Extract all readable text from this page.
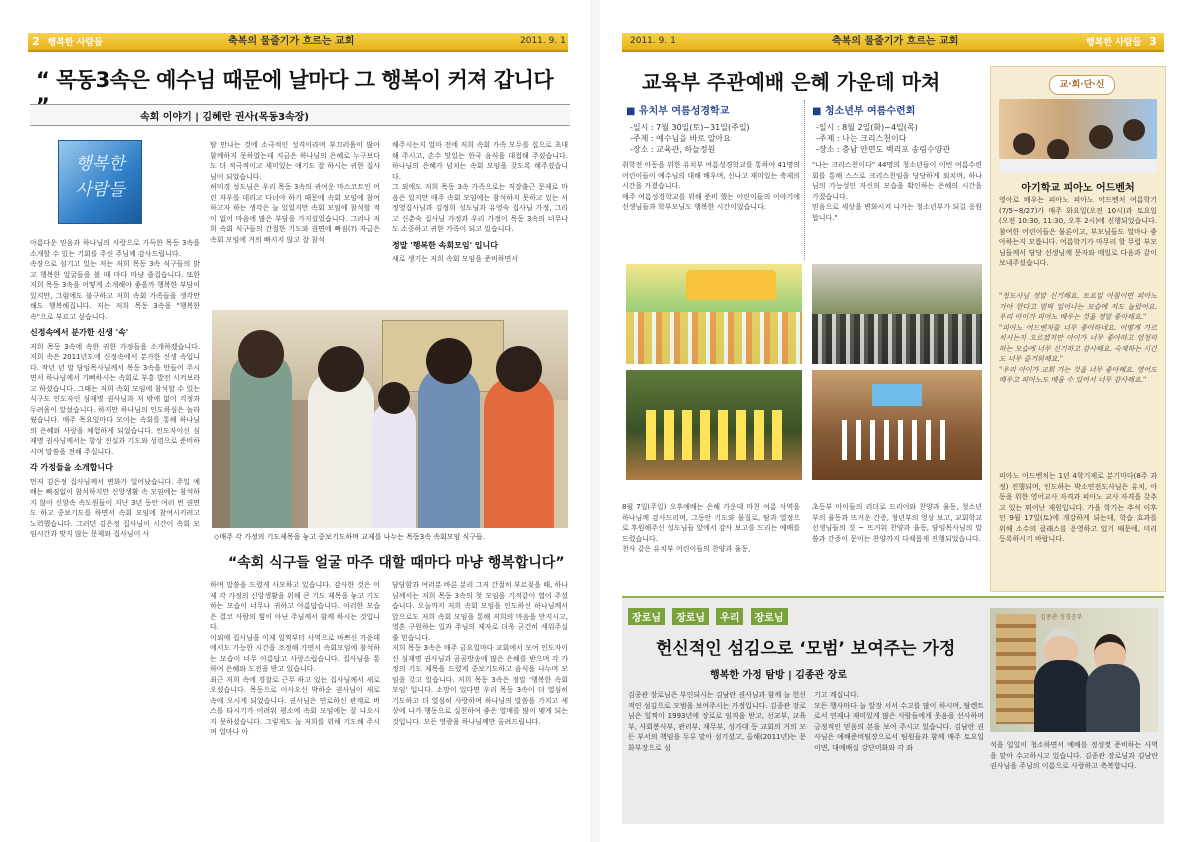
2 행복한 사람들	축복의 물줄기가 흐르는 교회	2011. 9. 1
“ 목동3속은 예수님 때문에 날마다 그 행복이 커져 갑니다
속회 이야기 | 김혜란 권사(목동3속장)
행복한 사람들
아름다운 믿음과 하나님의 사랑으로 가득한 목동 3속을 소개할 수 있는 기회를 주신 주님께 감사드립니다.
속장으로 섬기고 있는 저는 저희 목동 3속 식구들의 밝고 행복한 얼굴들을 볼 때 마다 마냥 즐겁습니다. 또한 저희 목동 3속을 어떻게 소개해야 좋을까 행복한 부담이 있지만, 그럼에도 불구하고 저희 속회 가족들을 생각만해도 행복해집니다. 저는 저희 목동 3속을 "행복한 속"으로 부르고 싶습니다.
신정속에서 분가한 신생 '속'
저희 목동 3속에 속한 귀한 가정들을 소개하겠습니다. 저희 속은 2011년도에 신정속에서 분가한 신생 속입니다. 작년 년 말 담임목사님께서 목동 3속을 만들어 주시면서 하나님께서 기뻐하시는 속회로 부흥 발전 시켜보라고 하셨습니다. 그때는 저희 속회 모임에 참석할 수 있는 식구도 인도자인 심재명 권사님과 저 밖에 없어 걱정과 두려움이 앞섰습니다. 하지만 하나님의 인도하심은 놀라웠습니다. 매주 목요일마다 모이는 속회를 통해 하나님의 은혜와 사랑을 체험하게 되었습니다. 인도자이신 심재명 권사님께서는 항상 진실과 기도와 성령으로 준비하시며 말씀을 전해 주십니다.
각 가정들을 소개합니다
먼저 김은정 집사님께서 변화가 일어났습니다. 주일 예배는 빠짐없이 참석하지만 신앙생활 속 모임에는 참석하지 않아 신앙속 속도원들이 지난 3년 동안 여러 번 권면도 하고 중보기도를 하면서 속회 모임에 참여시키려고 노력했습니다. 그러던 김은정 집사님이 시간이 속회 모임시간과 맞지 않는 문제와 집사님이 사
탐 만나는 것에 소극적인 성격이라며 부끄러움이 많아 함께하지 못하였는데 지금은 하나님의 은혜로 누구보다도 더 적극적이고 재미있는 얘기도 잘 하시는 귀한 집사님이 되었습니다.
허미경 성도님은 우리 목동 3속의 귀여운 마스코트인 어린 자우를 데리고 다녀야 하기 때문에 속회 모임에 참여하고자 하는 생각은 늘 있었지만 속회 모임에 참석할 적이 없어 마음에 많은 부담을 가지셨었습니다. 그러나 저희 속회 식구들의 간절한 기도와 권면에 빠짐(?) 자급은 속회 모임에 거의 빠지지 않고 잘 참석
해주시는지 얼마 전에 저희 속회 가족 모두를 집으로 초대해 주시고, 손수 맛있는 한국 음식을 대접해 주셨습니다. 하나님의 은혜가 넘치는 속회 모임을 갖도록 해주셨습니다.
그 외에도 저희 목동 3속 가족으로는 직장출근 문제로 마음은 있지만 매주 속회 모임에는 참석하지 못하고 있는 서정영집사님과 김정희 성도님과 유영숙 집사님 가정, 그리고 신춘숙 집사님 가정과 우리 가정이 목동 3속의 너무나도 소중하고 귀한 가족이 되고 있습니다.
정말 '행복한 속회모임' 입니다
새로 생기는 저희 속회 모임을 준비하면서
◇매주 각 가정의 기도제목을 놓고 중보기도하며 교제를 나누는 목동3속 속회모임 식구들.
“속회 식구들 얼굴 마주 대할 때마다 마냥 행복합니다”
하며 말씀을 드렸게 사모하고 있습니다. 감사한 것은 이제 각 가정의 신앙생활을 위해 큰 기도 제목을 놓고 기도하는 모습이 너무나 귀하고 아름답습니다. 이러한 모습은 결코 사람의 힘이 아닌 주님께서 함께 하시는 것입니다.
이외에 집사님을 이제 일찍부터 사역으로 바쁘신 가운데에서도 가능한 시간을 조정해 가면서 속회모임에 참석하는 모습이 너무 아름답고 사랑스럽습니다. 집사님을 통하여 은혜와 도전을 받고 있습니다.
최근 저희 속에 경찰로 근무 하고 있는 집사님께서 새로 오셨습니다. 목동으로 이사오신 박하순 권사님이 새로 속에 오시게 되었습니다. 권사님은 연로하신 관계로 버스를 타시기가 어려워 평소에 속회 모임에는 잘 나오시지 못하셨습니다. 그렇게도 늘 저희를 위해 기도해 주시며 얼마나 아
담담함과 여러분 바른 분리 그저 간절히 부르짖을 때, 하나님께서는 저희 목동 3속의 첫 모임을 기적같이 열어 주셨습니다. 오늘까지 저희 속회 모임을 인도하신 하나님께서 앞으로도 저희 속회 모임을 통해 저희의 마음을 만지시고, 영혼 구원하는 일과 주님의 제자로 더욱 굳건히 세워주실 줄 믿습니다.
저희 목동 3속은 매주 금요일마다 교회에서 모여 인도자이신 심재명 권사님과 곰곰방송에 많은 은혜를 받으며 각 가정의 기도 제목을 드렸게 중보기도하고 음식을 나누며 모임을 갖고 있습니다. 저희 목동 3속은 정말 '행복한 속회 모임' 입니다. 소망이 있다면 우리 목동 3속이 더 열심히 기도하고 더 열심히 사랑하며 하나님의 말씀을 가지고 세상에 나가 행동으로 실천하여 좋은 열매를 많이 맺게 되는 것입니다. 모든 영광을 하나님께만 올려드립니다.
2011. 9. 1	축복의 물줄기가 흐르는 교회	행복한 사람들 3
교육부 주관예배 은혜 가운데 마쳐
■ 유치부 여름성경학교
-일시 : 7월 30일(토)~31일(주일)
-주제 : 예수님을 바로 알아요
-장소 : 교육관, 하늘정원
취학전 아동을 위한 유치부 여름성경학교를 통하여 41명의 어린이들이 예수님의 대해 배우며, 신나고 재미있는 축제의 시간을 가졌습니다.
매주 여름성경학교를 위해 준비 했는 어린이들의 이야기에 선생님들과 학부모님도 행복한 시간이었습니다.
■ 청소년부 여름수련회
-일시 : 8월 2일(화)~4일(목)
-주제 : 나는 크리스천이다
-장소 : 충남 안면도 백리포 송림수양관
"나는 크리스천이다" 44명의 청소년들이 이번 여름수련회를 통해 스스로 크리스천임을 당당하게 외치며, 하나님의 가능성인 자신의 모습을 확인하는 은혜의 시간을 가졌습니다.
믿음으로 세상을 변화시켜 나가는 청소년부가 되길 응원합니다."
8월 7일(주일) 오후예배는 은혜 가운데 마친 여름 사역을 하나님께 감사드리며, 그동안 기도와 물질로, 땀과 열정으로 후원해주신 성도님들 앞에서 감사 보고를 드리는 예배를 드렸습니다.
천사 같은 유치부 어린이들의 찬양과 율동,
초등부 아이들의 리더로 드리어와 찬양과 율동, 청소년부의 율동과 뜨거운 간증, 청년부의 영상 보고, 교회학교 선생님들의 짓 ~ 뜨거워 찬양과 율동, 담임목사님의 말씀과 간증이 문이는 찬양까지 다채롭게 진행되었습니다.
교·회·단·신
아기학교 피아노 어드벤처
영아로 배우는 피아노 피아노 어드벤처 여름학기(7/5~8/27)가 매주 화요일(오전 10시)과 토요일(오전 10:30, 11:30, 오후 2시)에 진행되었습니다. 참여한 어린이들은 물론이고, 부모님들도 얼마나 좋아하는지 모릅니다. 여름학기가 마무리 할 무렵 부모님들께서 담당 선생님께 문자와 메일로 다음과 같이 보내주셨습니다.
"청도사님 정말 신기해요. 토요일 아침이면 피아노 가야 한다고 벌떡 일어나는 모습에 저도 놀랐어요. 우리 아이가 피아노 배우는 것을 정말 좋아해요."
"피아노 어드벤처를 너무 좋아하네요. 어떻게 가르치시는지 오르겠지만 아이가 너무 좋아하고 엄청히 하는 모습에 너무 신기하고 감사해요. 숙제하는 시간도 너무 즐거워해요."
"우리 아이가 교회 가는 것을 너무 좋아해요. 영어도 배우고 피아노도 배울 수 있어서 너무 감사해요."
피아노 어드벤처는 1년 4학기제로 분기마다(8주 과정) 진행되며, 인도하는 박소연전도사님은 유치, 아동을 위한 영어교사 자격과 피아노 교사 자격을 갖추고 있는 뛰어난 재원입니다. 가을 학기는 추석 이후인 9월 17일(토)에 개강하게 되는데, 학습 효과를 위해 소수의 클래스를 운영하고 있기 때문에, 미리 등록하시기 바랍니다.
장로님 장로님 우리 장로님
헌신적인 섬김으로 ‘모범’ 보여주는 가정
행복한 가정 탐방 | 김종관 장로
김종관 장로님은 부인되시는 김남란 권사님과 함께 늘 헌신적인 섬김으로 모범을 보여주시는 가정입니다. 김종관 장로님은 일찍이 1993년에 장로로 임직을 받고, 선교부, 교육부, 사회봉사부, 관리부, 재무부, 성가대 등 교회의 거의 모든 부서의 책임을 두루 맡아 섬기셨고, 올해(2011년)는 문화부장으로 섬
기고 계십니다.
모든 행사마다 늘 앞장 서서 수고를 많이 하시며, 탈렌트로서 연재나 재미있게 많은 사람들에게 웃음을 선사하며 긍정적인 믿음의 본을 보여 주시고 있습니다. 김남란 권사님은 예배준비팀장으로서 팀원들과 함께 매주 토요일이면, 대예배실 강단미화와 각 좌
김종관 성경공부
석을 일일이 청소하면서 예배를 정성껏 준비하는 사역을 맡아 수고하시고 있습니다. 김종관 장로님과 김남란 권사님을 주님의 이름으로 사랑하고 축복합니다.
